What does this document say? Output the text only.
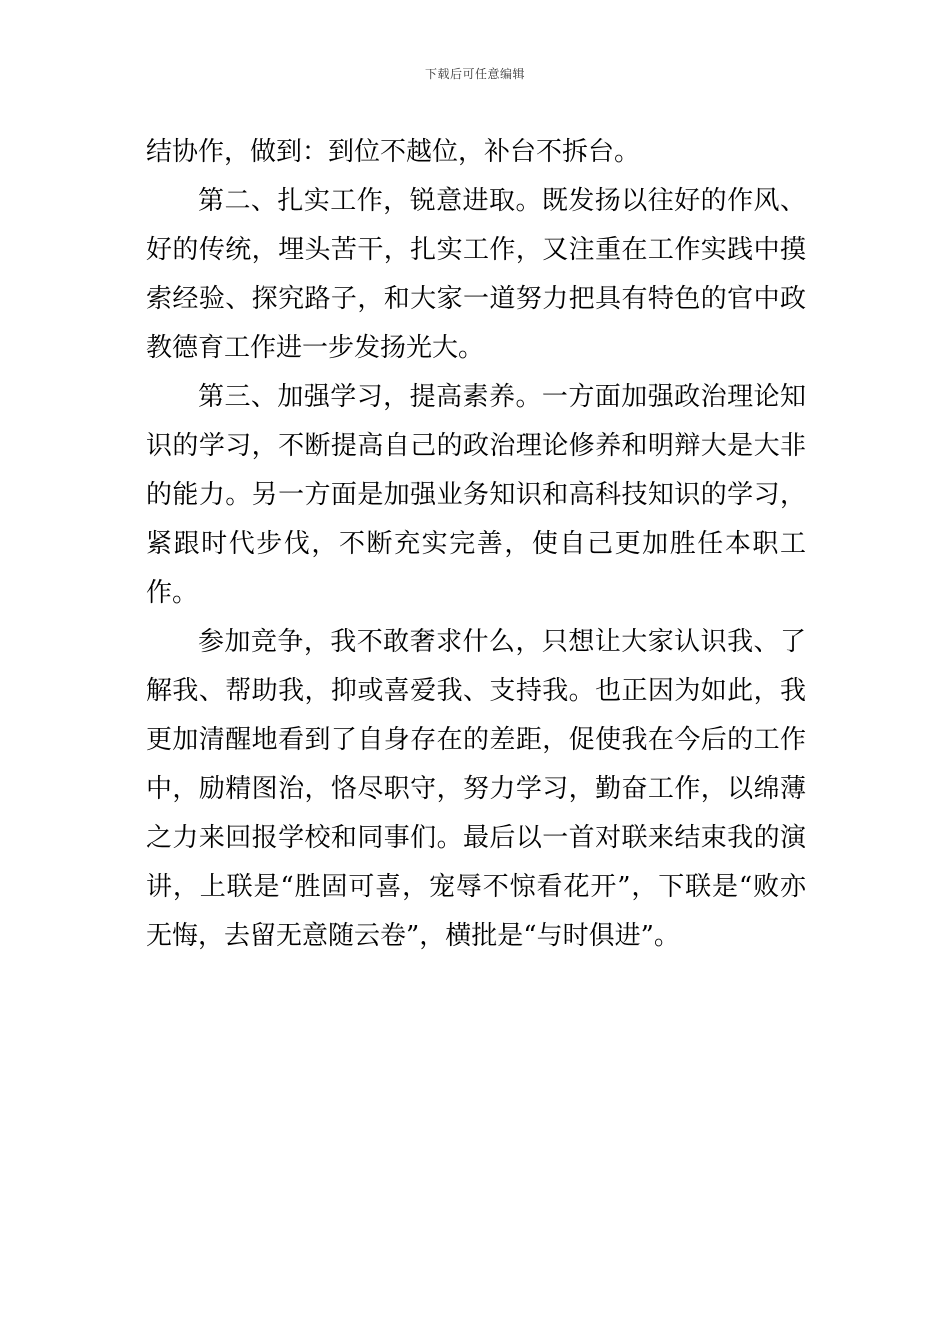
下载后可任意编辑

结协作，做到：到位不越位，补台不拆台。

第二、扎实工作，锐意进取。既发扬以往好的作风、好的传统，埋头苦干，扎实工作，又注重在工作实践中摸索经验、探究路子，和大家一道努力把具有特色的官中政教德育工作进一步发扬光大。

第三、加强学习，提高素养。一方面加强政治理论知识的学习，不断提高自己的政治理论修养和明辩大是大非的能力。另一方面是加强业务知识和高科技知识的学习，紧跟时代步伐，不断充实完善，使自己更加胜任本职工作。

参加竞争，我不敢奢求什么，只想让大家认识我、了解我、帮助我，抑或喜爱我、支持我。也正因为如此，我更加清醒地看到了自身存在的差距，促使我在今后的工作中，励精图治，恪尽职守，努力学习，勤奋工作，以绵薄之力来回报学校和同事们。最后以一首对联来结束我的演讲，上联是“胜固可喜，宠辱不惊看花开”，下联是“败亦无悔，去留无意随云卷”，横批是“与时俱进”。
